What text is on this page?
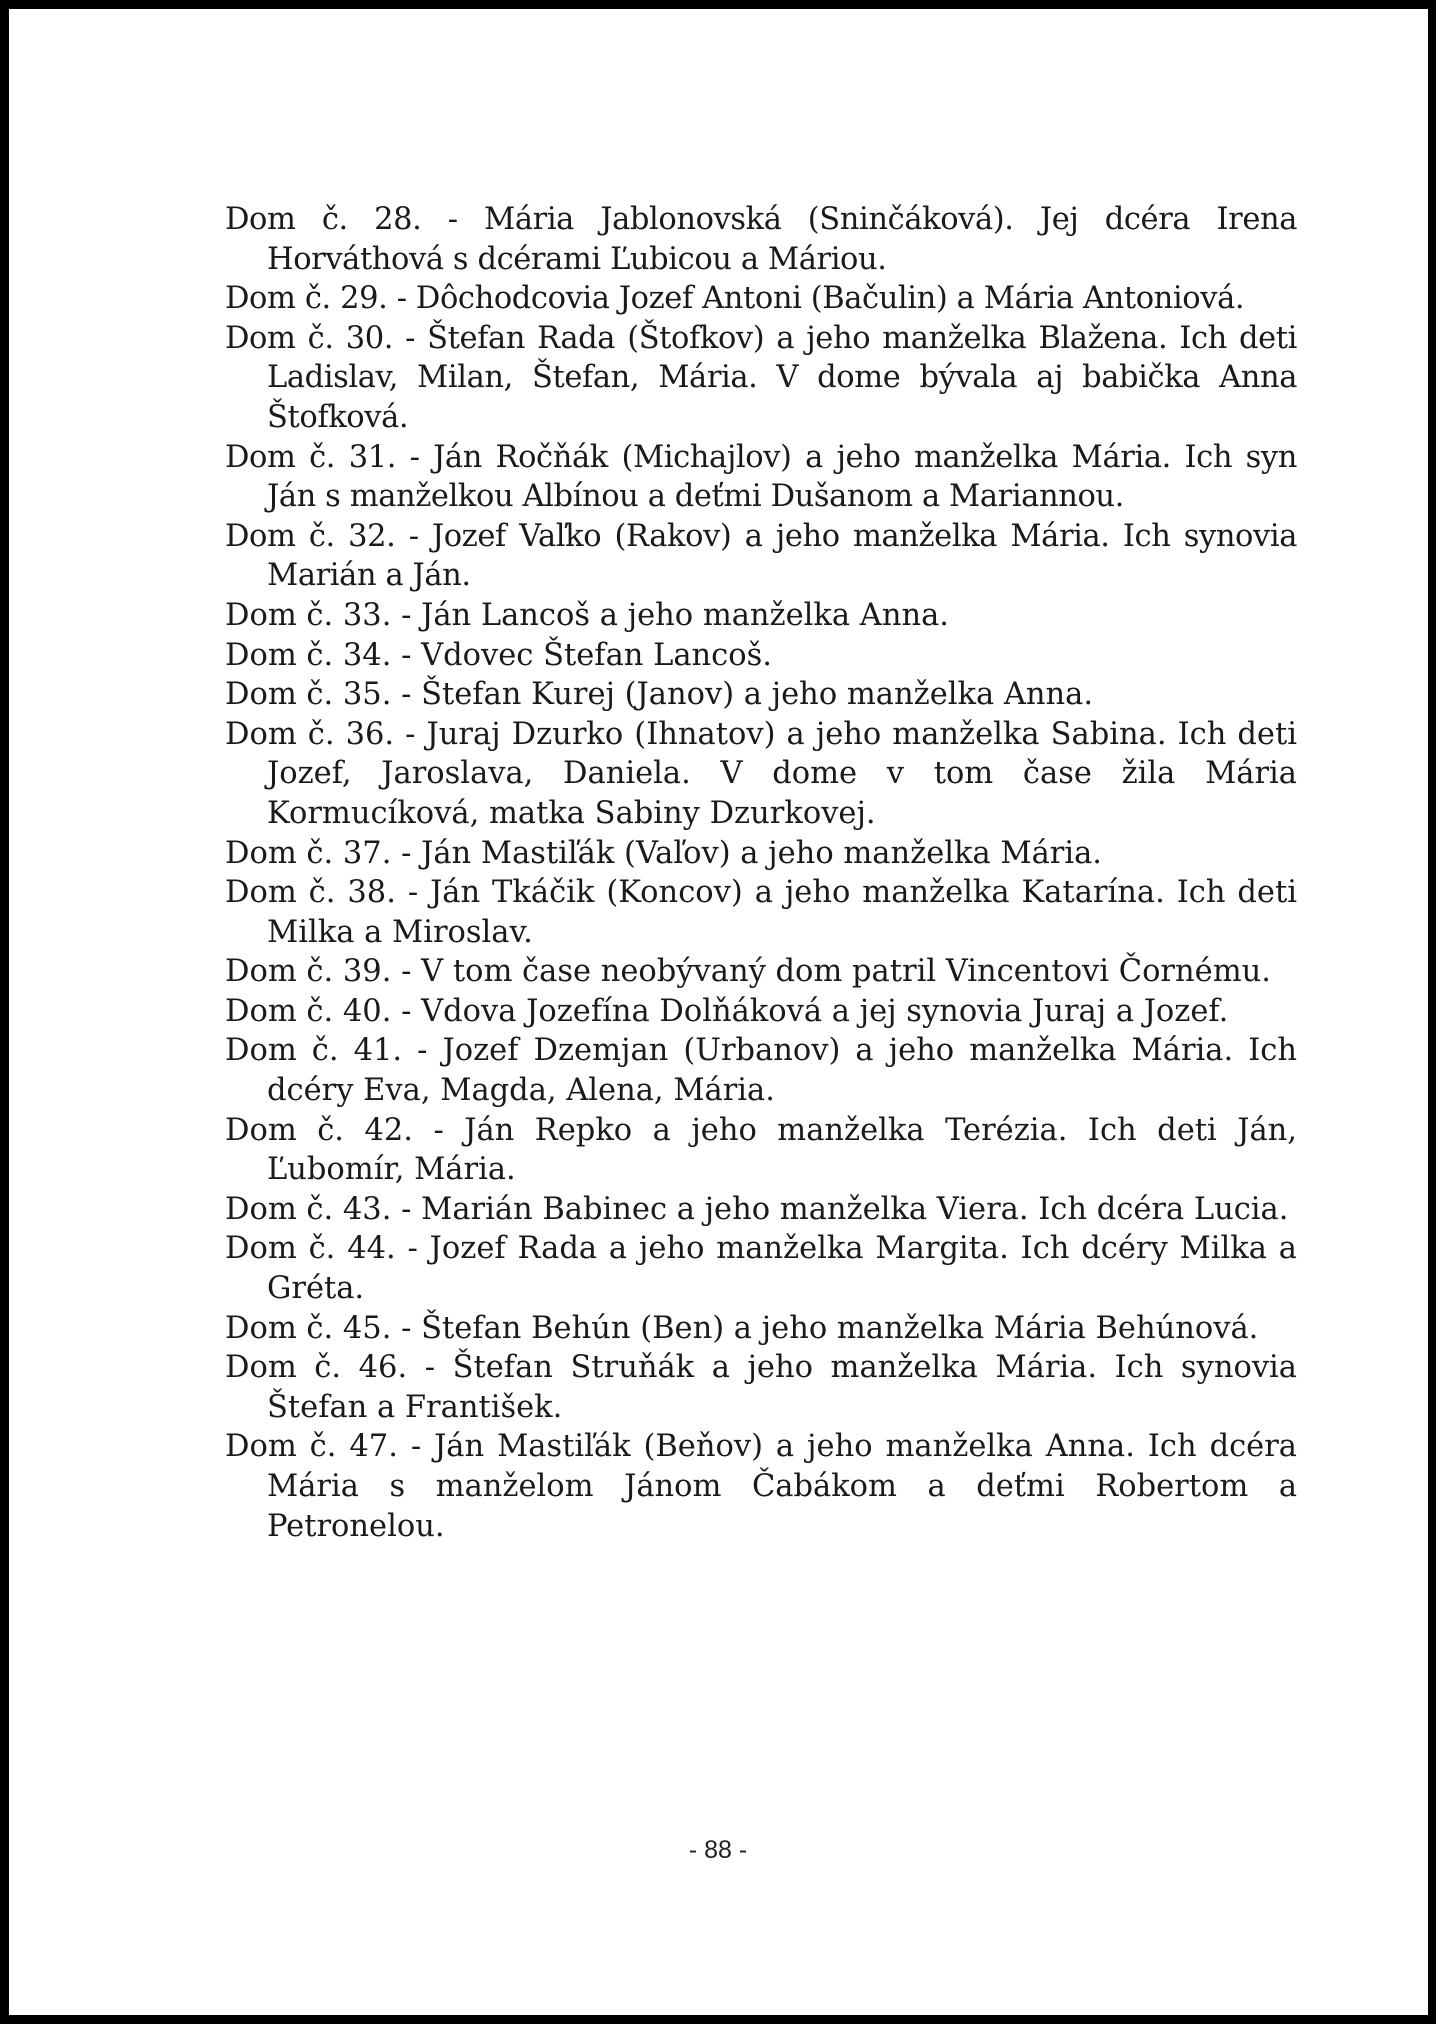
Dom č. 28. - Mária Jablonovská (Sninčáková). Jej dcéra Irena Horváthová s dcérami Ľubicou a Máriou.

Dom č. 29. - Dôchodcovia Jozef Antoni (Bačulin) a Mária Antoniová.

Dom č. 30. - Štefan Rada (Štofkov) a jeho manželka Blažena. Ich deti Ladislav, Milan, Štefan, Mária. V dome bývala aj babička Anna Štofková.

Dom č. 31. - Ján Ročňák (Michajlov) a jeho manželka Mária. Ich syn Ján s manželkou Albínou a deťmi Dušanom a Mariannou.

Dom č. 32. - Jozef Vaľko (Rakov) a jeho manželka Mária. Ich synovia Marián a Ján.

Dom č. 33. - Ján Lancoš a jeho manželka Anna.

Dom č. 34. - Vdovec Štefan Lancoš.

Dom č. 35. - Štefan Kurej (Janov) a jeho manželka Anna.

Dom č. 36. - Juraj Dzurko (Ihnatov) a jeho manželka Sabina. Ich deti Jozef, Jaroslava, Daniela. V dome v tom čase žila Mária Kormucíková, matka Sabiny Dzurkovej.

Dom č. 37. - Ján Mastiľák (Vaľov) a jeho manželka Mária.

Dom č. 38. - Ján Tkáčik (Koncov) a jeho manželka Katarína. Ich deti Milka a Miroslav.

Dom č. 39. - V tom čase neobývaný dom patril Vincentovi Čornému.

Dom č. 40. - Vdova Jozefína Dolňáková a jej synovia Juraj a Jozef.

Dom č. 41. - Jozef Dzemjan (Urbanov) a jeho manželka Mária. Ich dcéry Eva, Magda, Alena, Mária.

Dom č. 42. - Ján Repko a jeho manželka Terézia. Ich deti Ján, Ľubomír, Mária.

Dom č. 43. - Marián Babinec a jeho manželka Viera. Ich dcéra Lucia.

Dom č. 44. - Jozef Rada a jeho manželka Margita. Ich dcéry Milka a Gréta.

Dom č. 45. - Štefan Behún (Ben) a jeho manželka Mária Behúnová.

Dom č. 46. - Štefan Struňák a jeho manželka Mária. Ich synovia Štefan a František.

Dom č. 47. - Ján Mastiľák (Beňov) a jeho manželka Anna. Ich dcéra Mária s manželom Jánom Čabákom a deťmi Robertom a Petronelou.

- 88 -
